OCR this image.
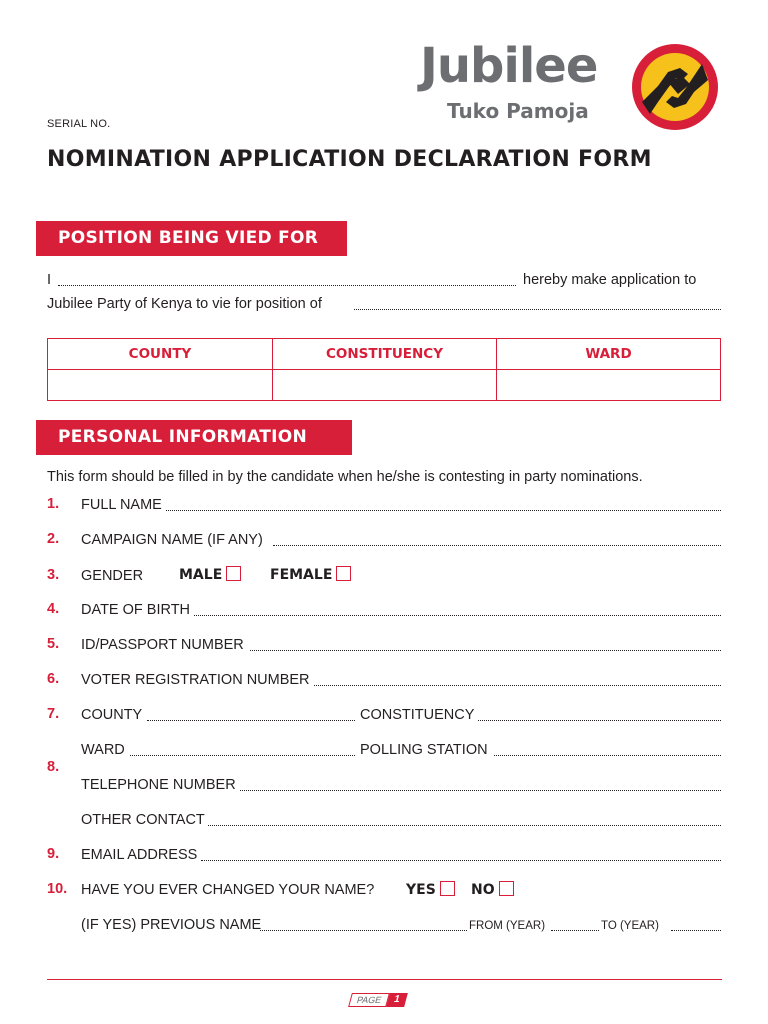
Jubilee
Tuko Pamoja
SERIAL NO.
NOMINATION APPLICATION DECLARATION FORM
POSITION BEING VIED FOR
I	hereby make application to
Jubilee Party of Kenya to vie for position of
COUNTY	CONSTITUENCY	WARD

PERSONAL INFORMATION
This form should be filled in by the candidate when he/she is contesting in party nominations.
1. FULL NAME
2. CAMPAIGN NAME (IF ANY)
3. GENDER	MALE	FEMALE
4. DATE OF BIRTH
5. ID/PASSPORT NUMBER
6. VOTER REGISTRATION NUMBER
7. COUNTY	CONSTITUENCY
8.
WARD	POLLING STATION
TELEPHONE NUMBER
OTHER CONTACT
9. EMAIL ADDRESS
10. HAVE YOU EVER CHANGED YOUR NAME? YES	NO
(IF YES) PREVIOUS NAME	FROM (YEAR)	TO (YEAR)
PAGE	1
